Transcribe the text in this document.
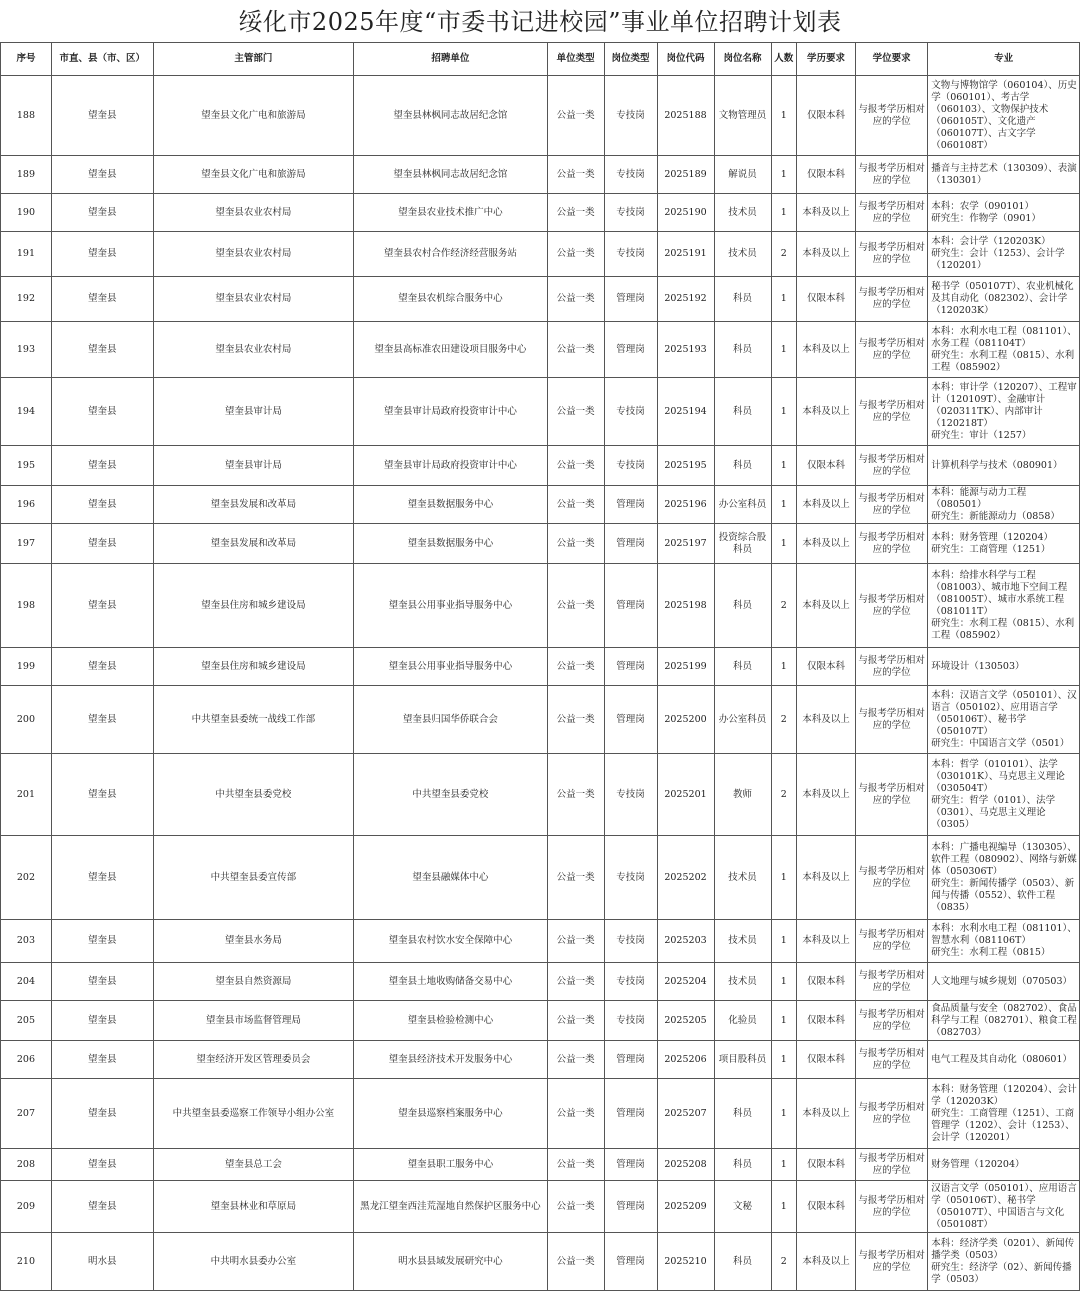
绥化市2025年度“市委书记进校园”事业单位招聘计划表
序号	市直、县（市、区）	主管部门	招聘单位	单位类型	岗位类型	岗位代码	岗位名称	人数	学历要求	学位要求	专业
188	望奎县	望奎县文化广电和旅游局	望奎县林枫同志故居纪念馆	公益一类	专技岗	2025188	文物管理员	1	仅限本科	与报考学历相对应的学位	文物与博物馆学（060104）、历史学（060101）、考古学（060103）、文物保护技术（060105T）、文化遗产（060107T）、古文字学（060108T）
189	望奎县	望奎县文化广电和旅游局	望奎县林枫同志故居纪念馆	公益一类	专技岗	2025189	解说员	1	仅限本科	与报考学历相对应的学位	播音与主持艺术（130309）、表演（130301）
190	望奎县	望奎县农业农村局	望奎县农业技术推广中心	公益一类	专技岗	2025190	技术员	1	本科及以上	与报考学历相对应的学位	本科：农学（090101）
研究生：作物学（0901）
191	望奎县	望奎县农业农村局	望奎县农村合作经济经营服务站	公益一类	专技岗	2025191	技术员	2	本科及以上	与报考学历相对应的学位	本科：会计学（120203K）
研究生：会计（1253）、会计学（120201）
192	望奎县	望奎县农业农村局	望奎县农机综合服务中心	公益一类	管理岗	2025192	科员	1	仅限本科	与报考学历相对应的学位	秘书学（050107T）、农业机械化及其自动化（082302）、会计学（120203K）
193	望奎县	望奎县农业农村局	望奎县高标准农田建设项目服务中心	公益一类	管理岗	2025193	科员	1	本科及以上	与报考学历相对应的学位	本科：水利水电工程（081101）、水务工程（081104T）
研究生：水利工程（0815）、水利工程（085902）
194	望奎县	望奎县审计局	望奎县审计局政府投资审计中心	公益一类	专技岗	2025194	科员	1	本科及以上	与报考学历相对应的学位	本科：审计学（120207）、工程审计（120109T）、金融审计（020311TK）、内部审计（120218T）
研究生：审计（1257）
195	望奎县	望奎县审计局	望奎县审计局政府投资审计中心	公益一类	专技岗	2025195	科员	1	仅限本科	与报考学历相对应的学位	计算机科学与技术（080901）
196	望奎县	望奎县发展和改革局	望奎县数据服务中心	公益一类	管理岗	2025196	办公室科员	1	本科及以上	与报考学历相对应的学位	本科：能源与动力工程（080501）
研究生：新能源动力（0858）
197	望奎县	望奎县发展和改革局	望奎县数据服务中心	公益一类	管理岗	2025197	投资综合股科员	1	本科及以上	与报考学历相对应的学位	本科：财务管理（120204）
研究生：工商管理（1251）
198	望奎县	望奎县住房和城乡建设局	望奎县公用事业指导服务中心	公益一类	管理岗	2025198	科员	2	本科及以上	与报考学历相对应的学位	本科：给排水科学与工程（081003）、城市地下空间工程（081005T）、城市水系统工程（081011T）
研究生：水利工程（0815）、水利工程（085902）
199	望奎县	望奎县住房和城乡建设局	望奎县公用事业指导服务中心	公益一类	管理岗	2025199	科员	1	仅限本科	与报考学历相对应的学位	环境设计（130503）
200	望奎县	中共望奎县委统一战线工作部	望奎县归国华侨联合会	公益一类	管理岗	2025200	办公室科员	2	本科及以上	与报考学历相对应的学位	本科：汉语言文学（050101）、汉语言（050102）、应用语言学（050106T）、秘书学（050107T）
研究生：中国语言文学（0501）
201	望奎县	中共望奎县委党校	中共望奎县委党校	公益一类	专技岗	2025201	教师	2	本科及以上	与报考学历相对应的学位	本科：哲学（010101）、法学（030101K）、马克思主义理论（030504T）
研究生：哲学（0101）、法学（0301）、马克思主义理论（0305）
202	望奎县	中共望奎县委宣传部	望奎县融媒体中心	公益一类	专技岗	2025202	技术员	1	本科及以上	与报考学历相对应的学位	本科：广播电视编导（130305）、软件工程（080902）、网络与新媒体（050306T）
研究生：新闻传播学（0503）、新闻与传播（0552）、软件工程（0835）
203	望奎县	望奎县水务局	望奎县农村饮水安全保障中心	公益一类	专技岗	2025203	技术员	1	本科及以上	与报考学历相对应的学位	本科：水利水电工程（081101）、智慧水利（081106T）
研究生：水利工程（0815）
204	望奎县	望奎县自然资源局	望奎县土地收购储备交易中心	公益一类	专技岗	2025204	技术员	1	仅限本科	与报考学历相对应的学位	人文地理与城乡规划（070503）
205	望奎县	望奎县市场监督管理局	望奎县检验检测中心	公益一类	专技岗	2025205	化验员	1	仅限本科	与报考学历相对应的学位	食品质量与安全（082702）、食品科学与工程（082701）、粮食工程（082703）
206	望奎县	望奎经济开发区管理委员会	望奎县经济技术开发服务中心	公益一类	管理岗	2025206	项目股科员	1	仅限本科	与报考学历相对应的学位	电气工程及其自动化（080601）
207	望奎县	中共望奎县委巡察工作领导小组办公室	望奎县巡察档案服务中心	公益一类	管理岗	2025207	科员	1	本科及以上	与报考学历相对应的学位	本科：财务管理（120204）、会计学（120203K）
研究生：工商管理（1251）、工商管理学（1202）、会计（1253）、会计学（120201）
208	望奎县	望奎县总工会	望奎县职工服务中心	公益一类	管理岗	2025208	科员	1	仅限本科	与报考学历相对应的学位	财务管理（120204）
209	望奎县	望奎县林业和草原局	黑龙江望奎西洼荒湿地自然保护区服务中心	公益一类	管理岗	2025209	文秘	1	仅限本科	与报考学历相对应的学位	汉语言文学（050101）、应用语言学（050106T）、秘书学（050107T）、中国语言与文化（050108T）
210	明水县	中共明水县委办公室	明水县县域发展研究中心	公益一类	管理岗	2025210	科员	2	本科及以上	与报考学历相对应的学位	本科：经济学类（0201）、新闻传播学类（0503）
研究生：经济学（02）、新闻传播学（0503）
